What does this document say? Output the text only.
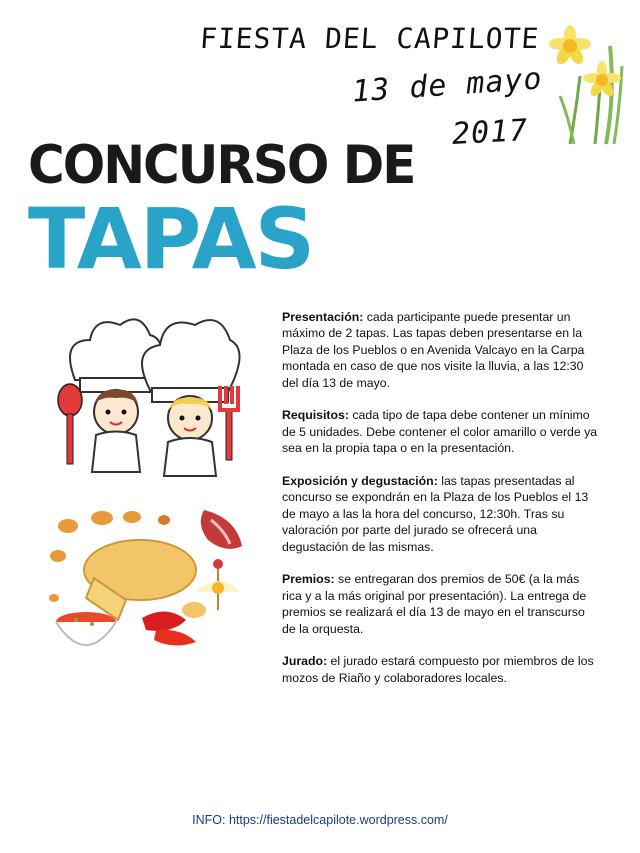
FIESTA DEL CAPILOTE
13 de mayo
2017
CONCURSO DE
TAPAS

Presentación: cada participante puede presentar un máximo de 2 tapas. Las tapas deben presentarse en la Plaza de los Pueblos o en Avenida Valcayo en la Carpa montada en caso de que nos visite la lluvia, a las 12:30 del día 13 de mayo.

Requisitos: cada tipo de tapa debe contener un mínimo de 5 unidades. Debe contener el color amarillo o verde ya sea en la propia tapa o en la presentación.

Exposición y degustación: las tapas presentadas al concurso se expondrán en la Plaza de los Pueblos el 13 de mayo a las la hora del concurso, 12:30h. Tras su valoración por parte del jurado se ofrecerá una degustación de las mismas.

Premios: se entregaran dos premios de 50€ (a la más rica y a la más original por presentación). La entrega de premios se realizará el día 13 de mayo en el transcurso de la orquesta.

Jurado: el jurado estará compuesto por miembros de los mozos de Riaño y colaboradores locales.

INFO: https://fiestadelcapilote.wordpress.com/
